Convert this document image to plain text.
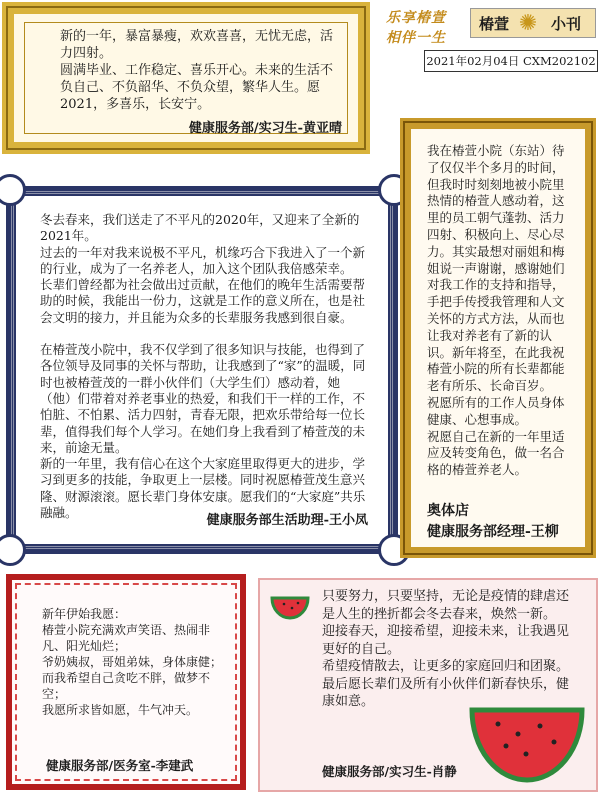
新的一年，暴富暴瘦，欢欢喜喜，无忧无虑，活力四射。
圆满毕业、工作稳定、喜乐开心。未来的生活不负自己、不负韶华、不负众望，繁华人生。愿2021，多喜乐，长安宁。
健康服务部/实习生-黄亚晴
乐享椿萱
相伴一生
椿萱 ✺ 小刊
2021年02月04日 CXM202102
冬去春来，我们送走了不平凡的2020年，又迎来了全新的2021年。
过去的一年对我来说极不平凡，机缘巧合下我进入了一个新的行业，成为了一名养老人，加入这个团队我倍感荣幸。
长辈们曾经都为社会做出过贡献，在他们的晚年生活需要帮助的时候，我能出一份力，这就是工作的意义所在，也是社会文明的接力，并且能为众多的长辈服务我感到很自豪。
在椿萱茂小院中，我不仅学到了很多知识与技能，也得到了各位领导及同事的关怀与帮助，让我感到了“家”的温暖，同时也被椿萱茂的一群小伙伴们（大学生们）感动着，她（他）们带着对养老事业的热爱，和我们干一样的工作，不怕脏、不怕累、活力四射，青春无限，把欢乐带给每一位长辈，值得我们每个人学习。在她们身上我看到了椿萱茂的未来，前途无量。
新的一年里，我有信心在这个大家庭里取得更大的进步，学习到更多的技能，争取更上一层楼。同时祝愿椿萱茂生意兴隆、财源滚滚。愿长辈门身体安康。愿我们的“大家庭”共乐融融。
健康服务部生活助理-王小凤
我在椿萱小院（东站）待了仅仅半个多月的时间，但我时时刻刻地被小院里热情的椿萱人感动着，这里的员工朝气蓬勃、活力四射、积极向上、尽心尽力。其实最想对丽姐和梅姐说一声谢谢，感谢她们对我工作的支持和指导，手把手传授我管理和人文关怀的方式方法，从而也让我对养老有了新的认识。新年将至，在此我祝椿萱小院的所有长辈都能老有所乐、长命百岁。
祝愿所有的工作人员身体健康、心想事成。
祝愿自己在新的一年里适应及转变角色，做一名合格的椿萱养老人。
奥体店
健康服务部经理-王柳
新年伊始我愿：
椿萱小院充满欢声笑语、热闹非凡、阳光灿烂；
爷奶姨叔，哥姐弟妹，身体康健；而我希望自己贪吃不胖，做梦不空；
我愿所求皆如愿，牛气冲天。
健康服务部/医务室-李建武
只要努力，只要坚持，无论是疫情的肆虐还是人生的挫折都会冬去春来，焕然一新。
迎接春天，迎接希望，迎接未来，让我遇见更好的自己。
希望疫情散去，让更多的家庭回归和团聚。
最后愿长辈们及所有小伙伴们新春快乐，健康如意。
健康服务部/实习生-肖静
